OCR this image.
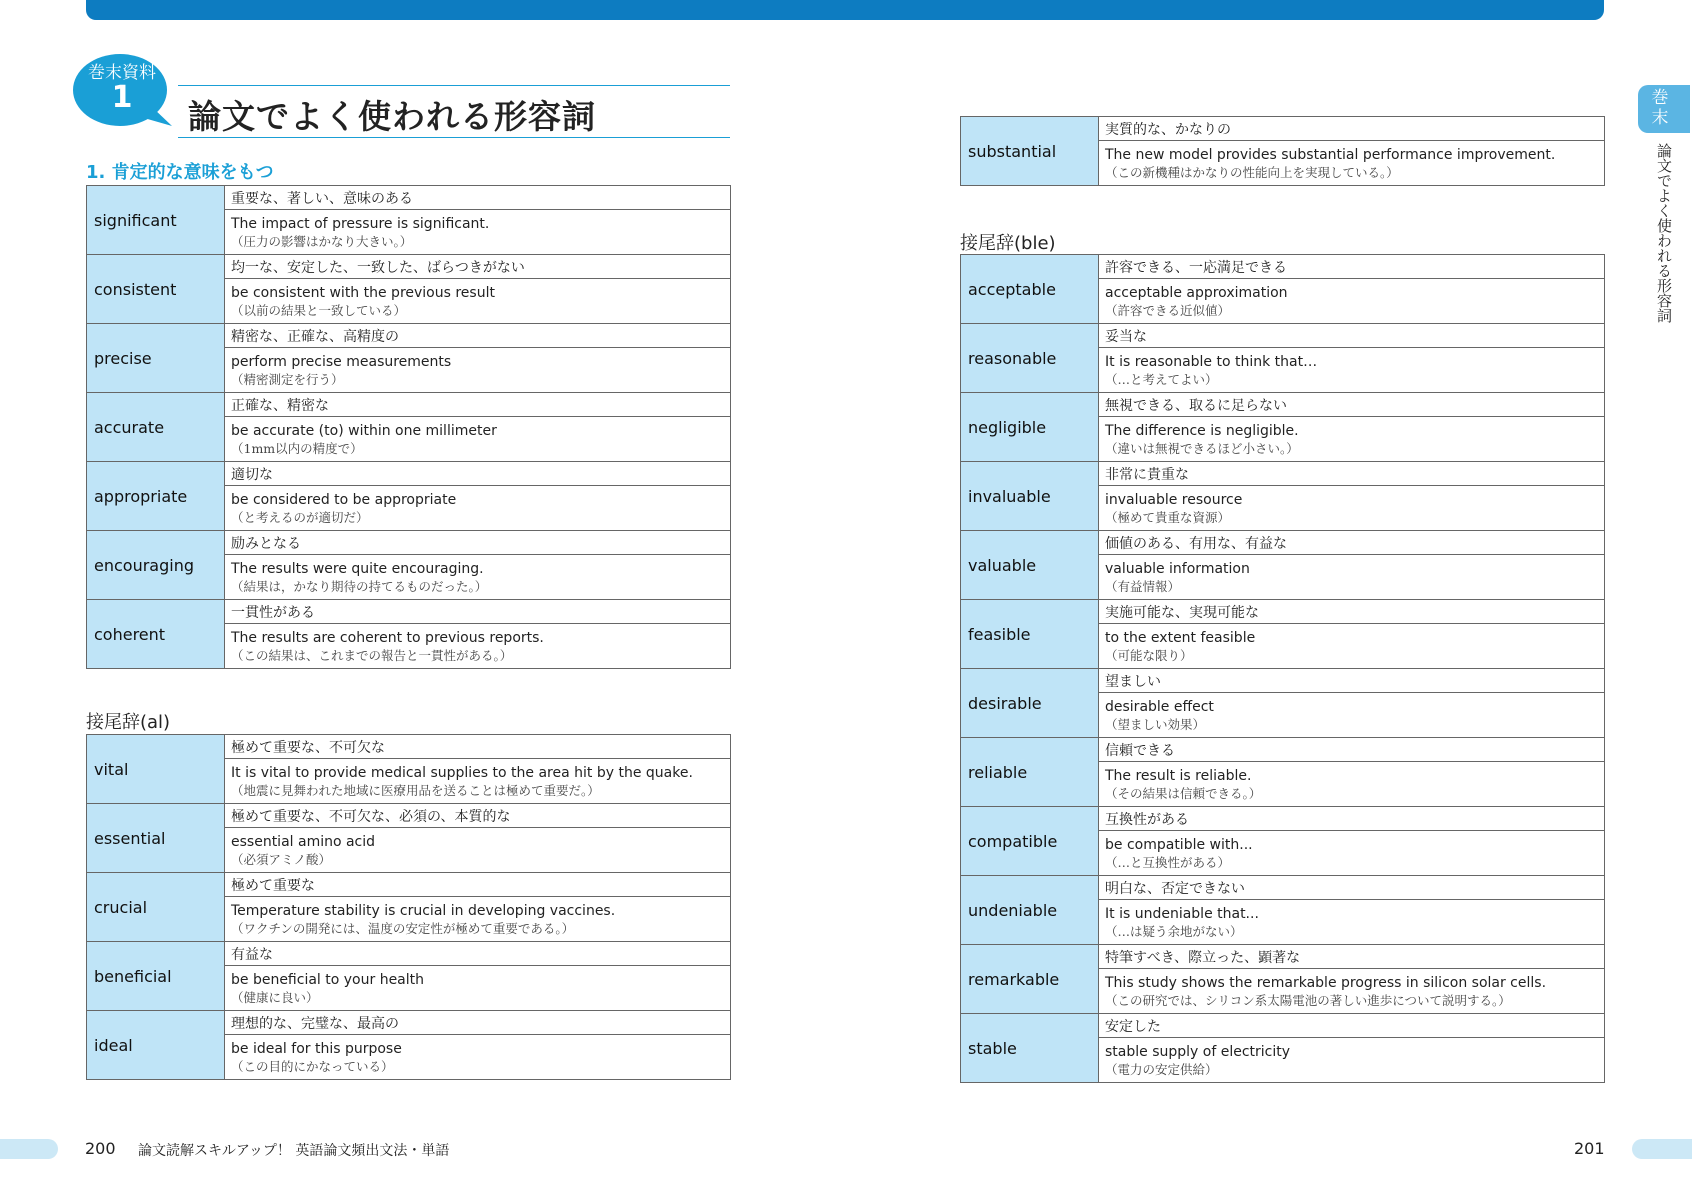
巻末資料
1	論文でよく使われる形容詞
1. 肯定的な意味をもつ
significant	重要な、著しい、意味のある

	The impact of pressure is significant.
（圧力の影響はかなり大きい。）

consistent	均一な、安定した、一致した、ばらつきがない

	be consistent with the previous result
（以前の結果と一致している）

precise	精密な、正確な、高精度の

	perform precise measurements
（精密測定を行う）

accurate	正確な、精密な

	be accurate (to) within one millimeter
（1mm以内の精度で）

appropriate	適切な

	be considered to be appropriate
（と考えるのが適切だ）

encouraging	励みとなる

	The results were quite encouraging.
（結果は，かなり期待の持てるものだった。）

coherent	一貫性がある

	The results are coherent to previous reports.
（この結果は、これまでの報告と一貫性がある。）
接尾辞(al)
vital	極めて重要な、不可欠な

	It is vital to provide medical supplies to the area hit by the quake.
（地震に見舞われた地域に医療用品を送ることは極めて重要だ。）

essential	極めて重要な、不可欠な、必須の、本質的な

	essential amino acid
（必須アミノ酸）

crucial	極めて重要な

	Temperature stability is crucial in developing vaccines.
（ワクチンの開発には、温度の安定性が極めて重要である。）

beneficial	有益な

	be beneficial to your health
（健康に良い）

ideal	理想的な、完璧な、最高の

	be ideal for this purpose
（この目的にかなっている）
substantial	実質的な、かなりの

The new model provides substantial performance improvement.
（この新機種はかなりの性能向上を実現している。）
接尾辞(ble)
acceptable	許容できる、一応満足できる

	acceptable approximation
（許容できる近似値）

reasonable	妥当な

	It is reasonable to think that…
（…と考えてよい）

negligible	無視できる、取るに足らない

	The difference is negligible.
（違いは無視できるほど小さい。）

invaluable	非常に貴重な

	invaluable resource
（極めて貴重な資源）

valuable	価値のある、有用な、有益な

	valuable information
（有益情報）

feasible	実施可能な、実現可能な

	to the extent feasible
（可能な限り）

desirable	望ましい

	desirable effect
（望ましい効果）

reliable	信頼できる

	The result is reliable.
（その結果は信頼できる。）

compatible	互換性がある

	be compatible with...
（…と互換性がある）

undeniable	明白な、否定できない

	It is undeniable that...
（…は疑う余地がない）

remarkable	特筆すべき、際立った、顕著な

	This study shows the remarkable progress in silicon solar cells.
（この研究では、シリコン系太陽電池の著しい進歩について説明する。）

stable	安定した

	stable supply of electricity
（電力の安定供給）
巻末
論文でよく使われる形容詞
200 論文読解スキルアップ！ 英語論文頻出文法・単語	201
